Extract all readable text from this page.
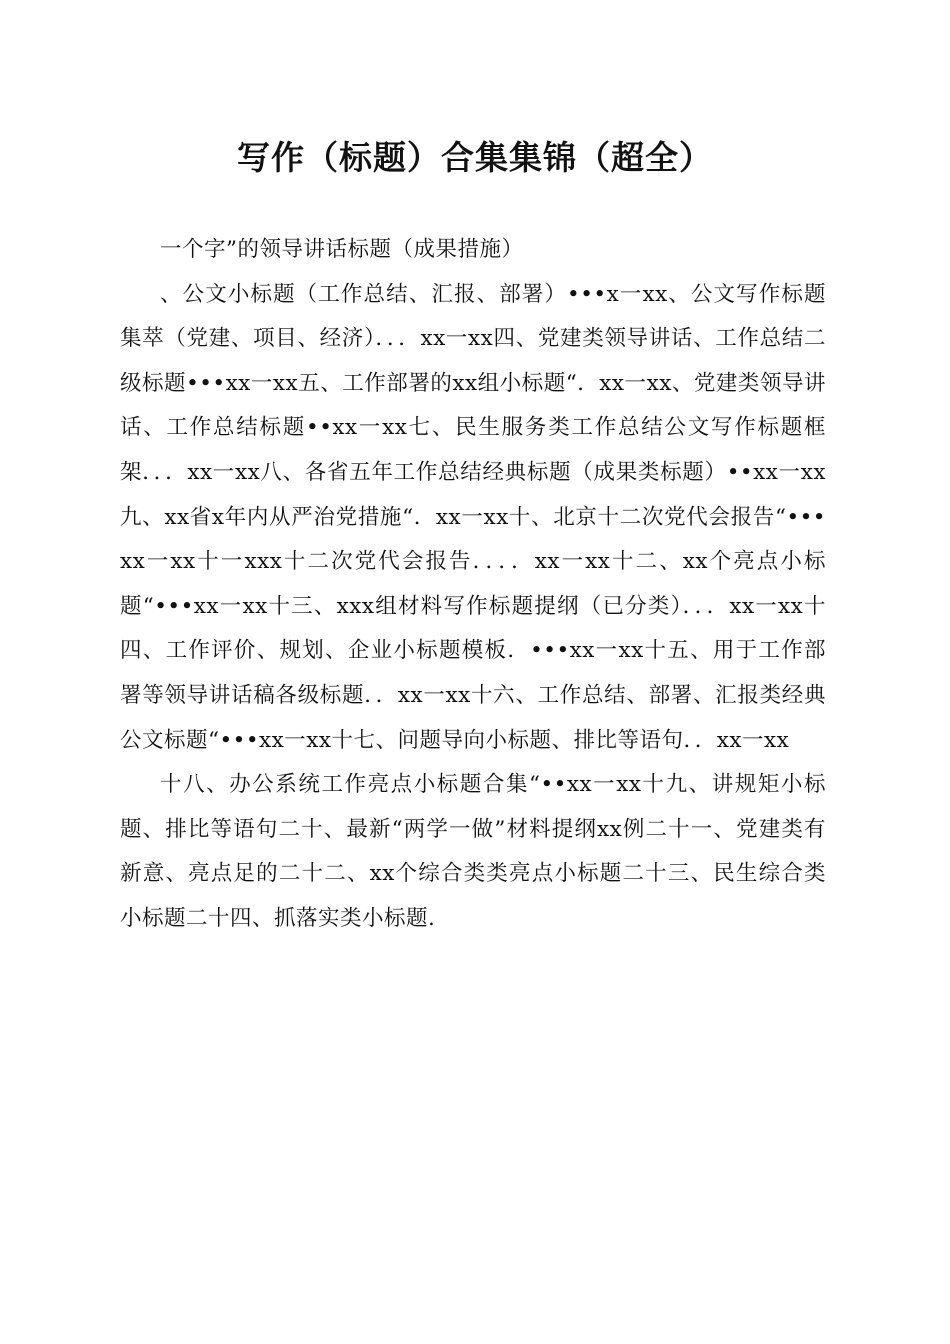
写作（标题）合集集锦（超全）

一个字”的领导讲话标题（成果措施）

、公文小标题（工作总结、汇报、部署）•••x一xx、公文写作标题集萃（党建、项目、经济）．．．xx一xx四、党建类领导讲话、工作总结二级标题•••xx一xx五、工作部署的xx组小标题“．xx一xx、党建类领导讲话、工作总结标题••xx一xx七、民生服务类工作总结公文写作标题框架．．．xx一xx八、各省五年工作总结经典标题（成果类标题）••xx一xx九、xx省x年内从严治党措施“．xx一xx十、北京十二次党代会报告“•••xx一xx十一xxx十二次党代会报告．．．．xx一xx十二、xx个亮点小标题“•••xx一xx十三、xxx组材料写作标题提纲（已分类）．．．xx一xx十四、工作评价、规划、企业小标题模板．•••xx一xx十五、用于工作部署等领导讲话稿各级标题．．xx一xx十六、工作总结、部署、汇报类经典公文标题“•••xx一xx十七、问题导向小标题、排比等语句．．xx一xx

十八、办公系统工作亮点小标题合集“••xx一xx十九、讲规矩小标题、排比等语句二十、最新“两学一做”材料提纲xx例二十一、党建类有新意、亮点足的二十二、xx个综合类类亮点小标题二十三、民生综合类小标题二十四、抓落实类小标题.
